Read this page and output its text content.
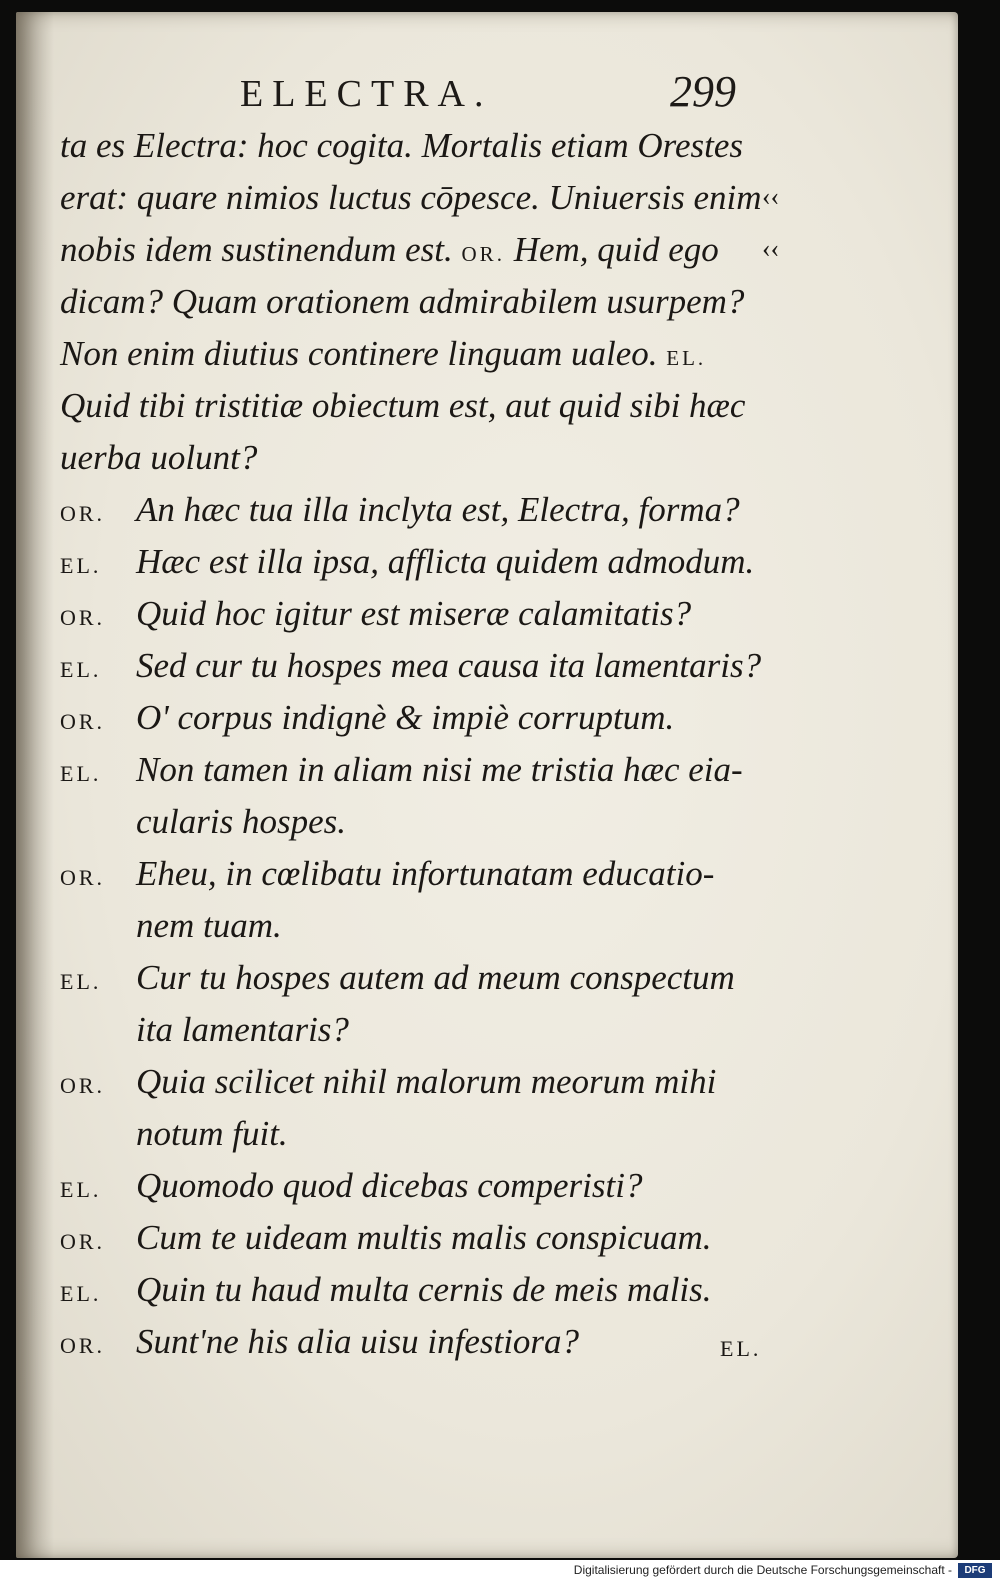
ELECTRA.	299
‹‹
‹‹
ta es Electra: hoc cogita. Mortalis etiam Orestes
erat: quare nimios luctus cōpesce. Uniuersis enim
nobis idem sustinendum est. OR. Hem, quid ego
dicam? Quam orationem admirabilem usurpem?
Non enim diutius continere linguam ualeo. EL.
Quid tibi tristitiæ obiectum est, aut quid sibi hæc
uerba uolunt?
OR. An hæc tua illa inclyta est, Electra, forma?
EL. Hæc est illa ipsa, afflicta quidem admodum.
OR. Quid hoc igitur est miseræ calamitatis?
EL. Sed cur tu hospes mea causa ita lamentaris?
OR. O' corpus indignè & impiè corruptum.
EL. Non tamen in aliam nisi me tristia hæc eia-
cularis hospes.
OR. Eheu, in cœlibatu infortunatam educatio-
nem tuam.
EL. Cur tu hospes autem ad meum conspectum
ita lamentaris?
OR. Quia scilicet nihil malorum meorum mihi
notum fuit.
EL. Quomodo quod dicebas comperisti?
OR. Cum te uideam multis malis conspicuam.
EL. Quin tu haud multa cernis de meis malis.
OR. Sunt'ne his alia uisu infestiora?	EL.
Digitalisierung gefördert durch die Deutsche Forschungsgemeinschaft -	DFG
